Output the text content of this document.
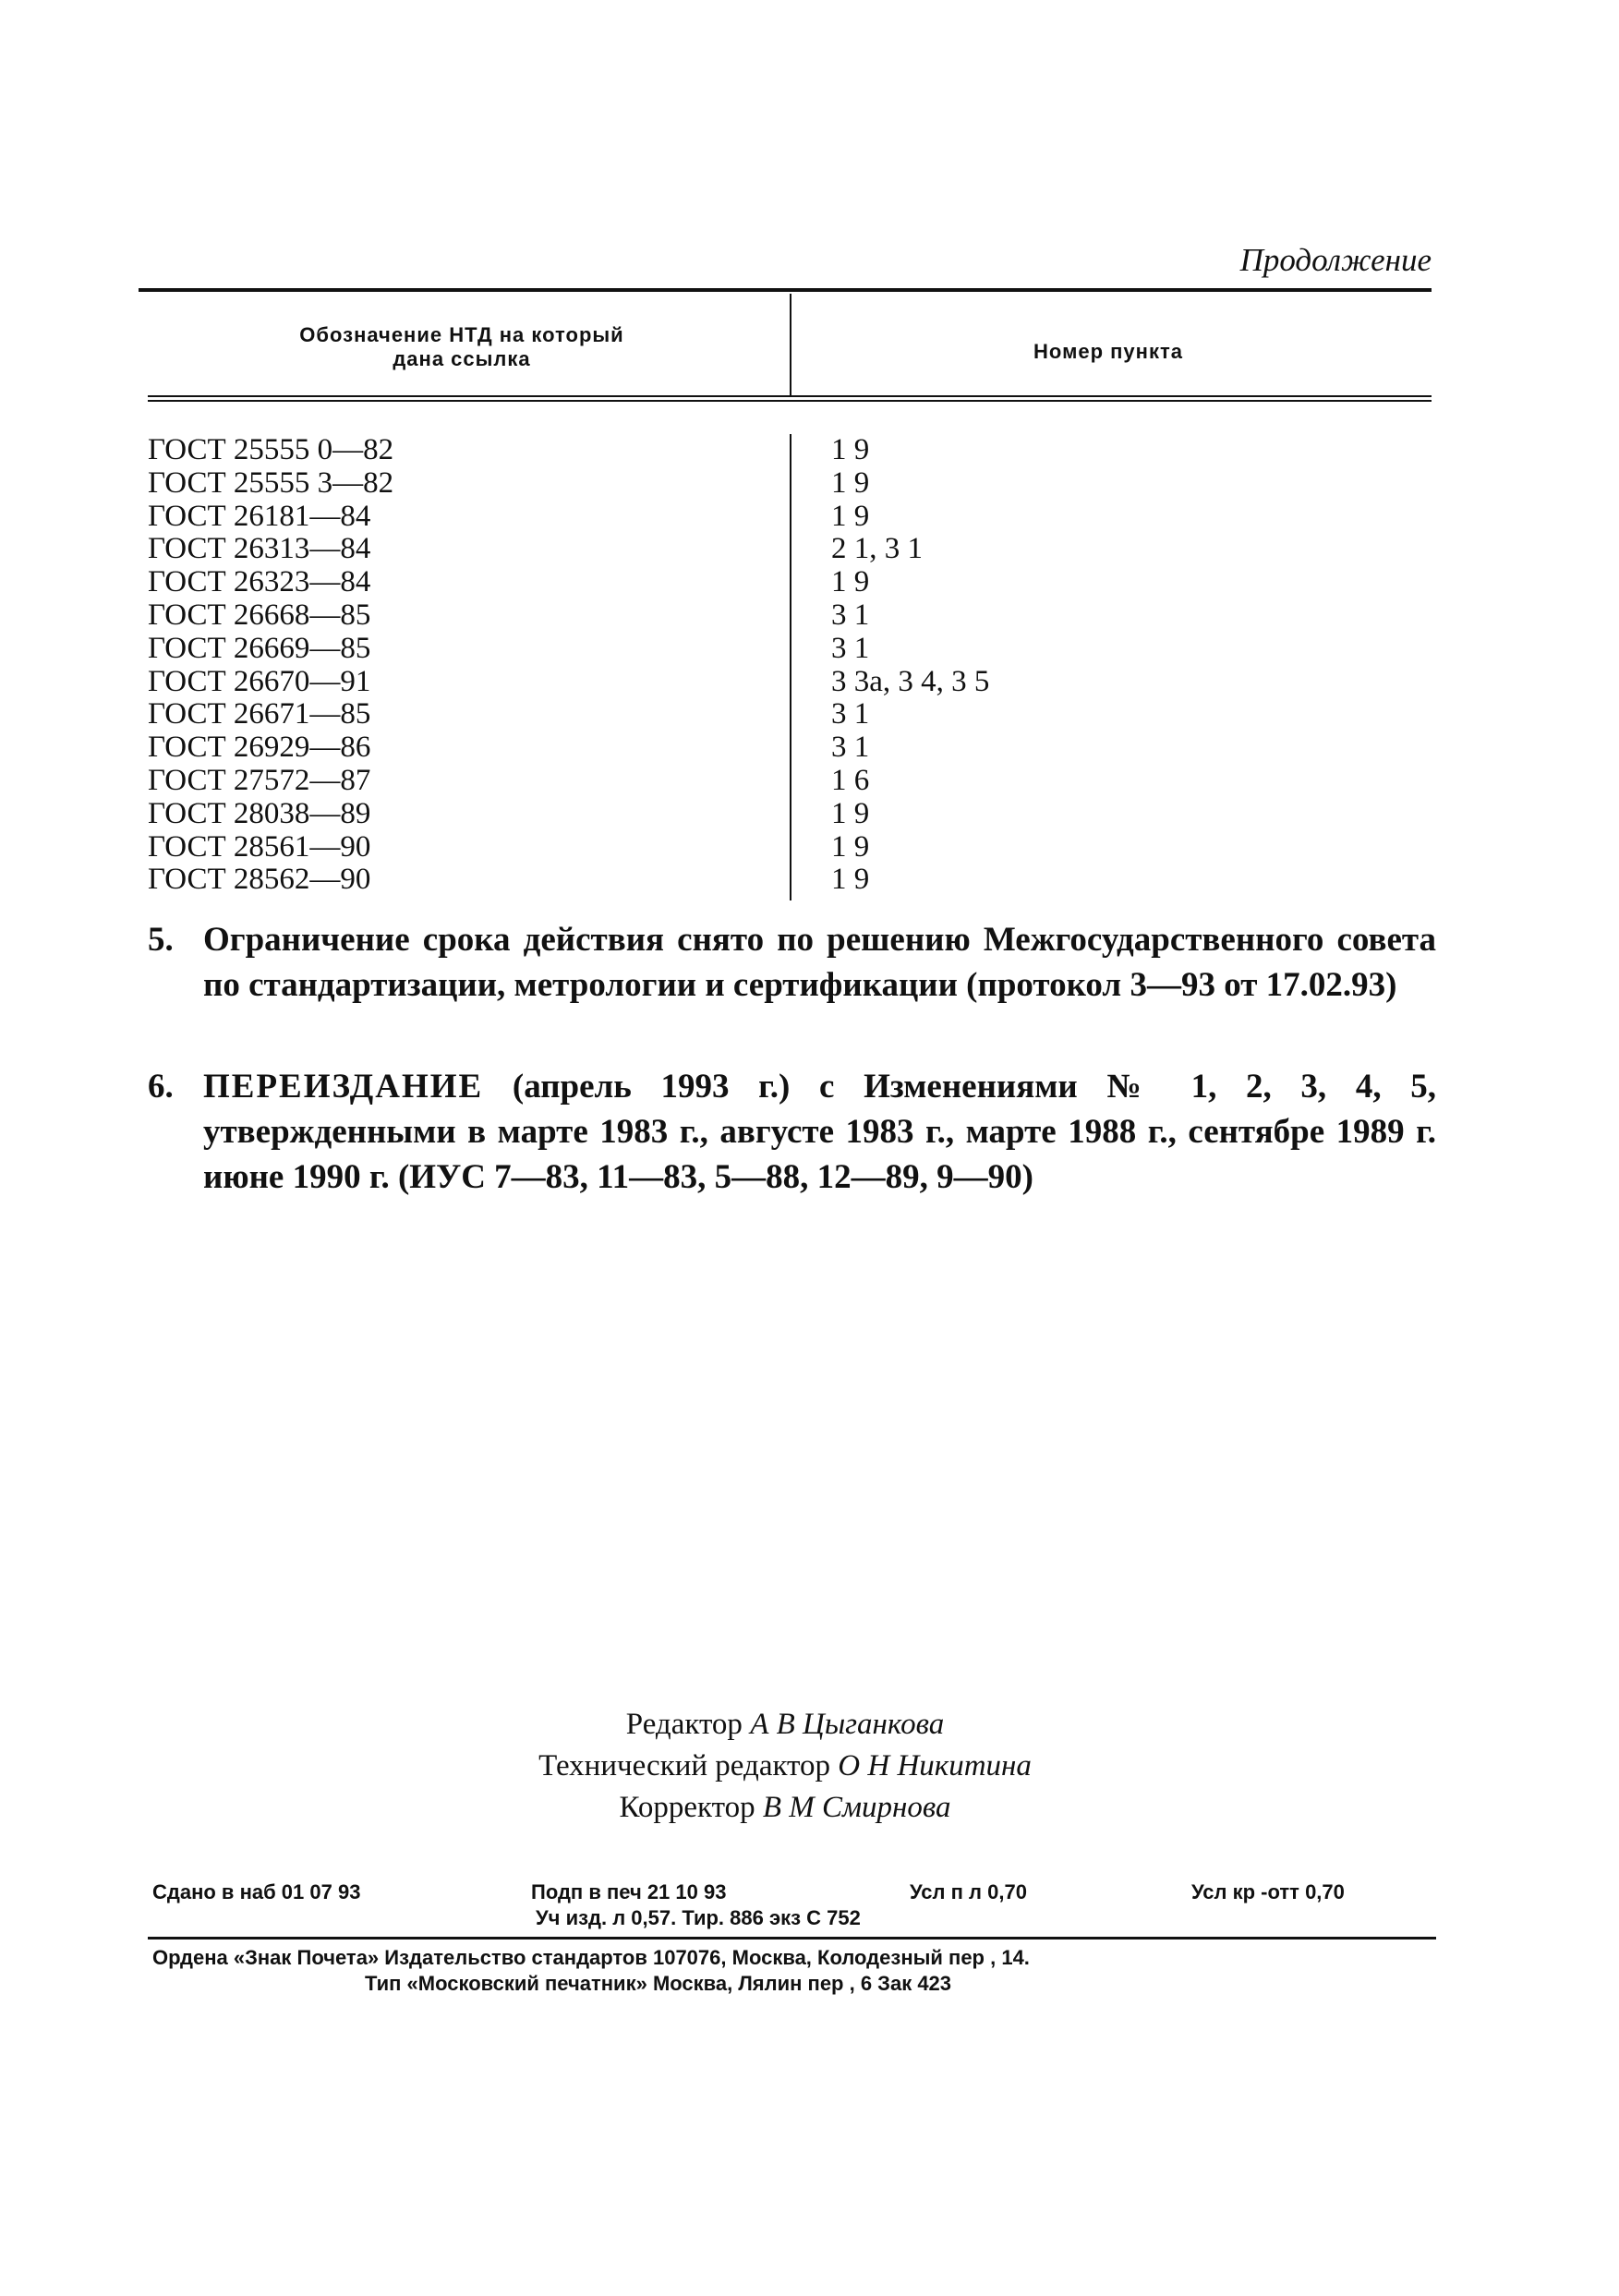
Продолжение
Обозначение НТД на который
дана ссылка	Номер пункта
ГОСТ 25555 0—82	1 9
ГОСТ 25555 3—82	1 9
ГОСТ 26181—84	1 9
ГОСТ 26313—84	2 1, 3 1
ГОСТ 26323—84	1 9
ГОСТ 26668—85	3 1
ГОСТ 26669—85	3 1
ГОСТ 26670—91	3 3а, 3 4, 3 5
ГОСТ 26671—85	3 1
ГОСТ 26929—86	3 1
ГОСТ 27572—87	1 6
ГОСТ 28038—89	1 9
ГОСТ 28561—90	1 9
ГОСТ 28562—90	1 9
5. Ограничение срока действия снято по решению Межгосударственного совета по стандартизации, метрологии и сертификации (протокол 3—93 от 17.02.93)
6. ПЕРЕИЗДАНИЕ (апрель 1993 г.) с Изменениями № 1, 2, 3, 4, 5, утвержденными в марте 1983 г., августе 1983 г., марте 1988 г., сентябре 1989 г. июне 1990 г. (ИУС 7—83, 11—83, 5—88, 12—89, 9—90)
Редактор А В Цыганкова
Технический редактор О Н Никитина
Корректор В М Смирнова
Сдано в наб 01 07 93	Подп в печ 21 10 93	Усл п л 0,70	Усл кр -отт 0,70
Уч изд. л 0,57. Тир. 886 экз С 752
Ордена «Знак Почета» Издательство стандартов 107076, Москва, Колодезный пер , 14.
Тип «Московский печатник» Москва, Лялин пер , 6 Зак 423
